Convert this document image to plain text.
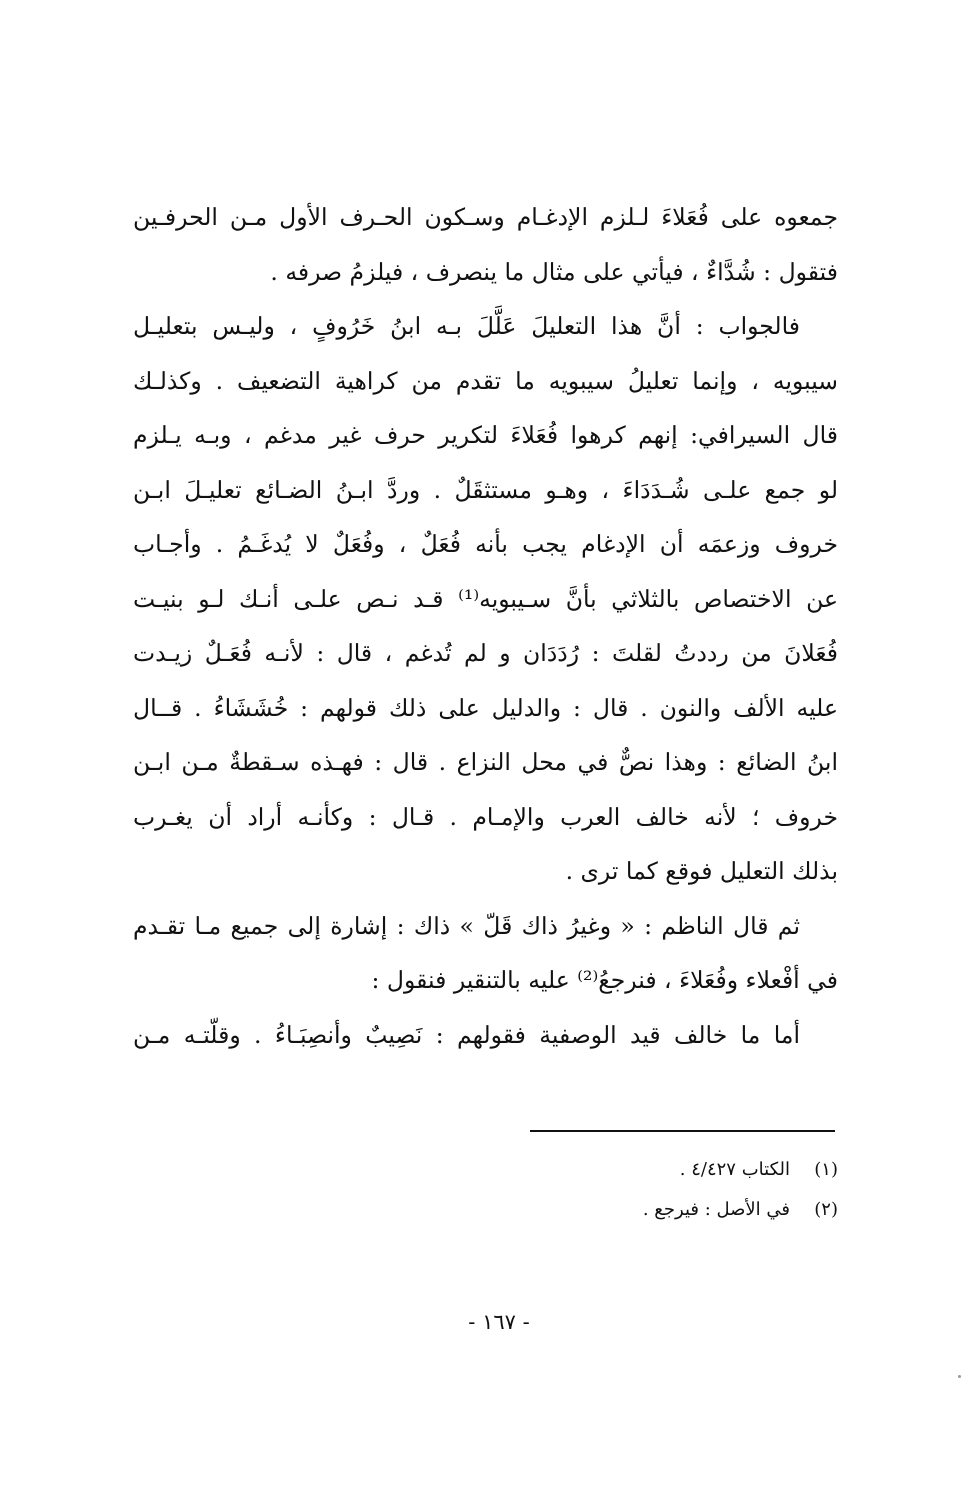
جمعوه على فُعَلاءَ لـلزم الإدغـام وسـكون الحـرف الأول مـن الحرفـين
فتقول : شُدَّاءٌ ، فيأتي على مثال ما ينصرف ، فيلزمُ صرفه .
فالجواب : أنَّ هذا التعليلَ عَلَّلَ بـه ابنُ خَرُوفٍ ، وليـس بتعليـل
سيبويه ، وإنما تعليلُ سيبويه ما تقدم من كراهية التضعيف . وكذلـك
قال السيرافي: إنهم كرهوا فُعَلاءَ لتكرير حرف غير مدغم ، وبـه يـلزم
لو جمع علـى شُـدَدَاءَ ، وهـو مستثقَلٌ . وردَّ ابـنُ الضـائع تعليـلَ ابـن
خروف وزعمَه أن الإدغام يجب بأنه فُعَلٌ ، وفُعَلٌ لا يُدغَـمُ . وأجـاب
عن الاختصاص بالثلاثي بأنَّ سـيبويه⁽¹⁾ قـد نـص علـى أنـك لـو بنيـت
فُعَلانَ من رددتُ لقلتَ : رُدَدَان و لم تُدغم ، قال : لأنـه فُعَـلٌ زيـدت
عليه الألف والنون . قال : والدليل على ذلك قولهم : خُشَشَاءُ . قــال
ابنُ الضائع : وهذا نصٌّ في محل النزاع . قال : فهـذه سـقطةٌ مـن ابـن
خروف ؛ لأنه خالف العرب والإمـام . قـال : وكأنـه أراد أن يغـرب
بذلك التعليل فوقع كما ترى .
ثم قال الناظم : « وغيرُ ذاك قَلّ » ذاك : إشارة إلى جميع مـا تقـدم
في أفْعلاء وفُعَلاءَ ، فنرجعُ⁽²⁾ عليه بالتنقير فنقول :
أما ما خالف قيد الوصفية فقولهم : نَصِيبٌ وأنصِبَـاءُ . وقلّتـه مـن
(١)
الكتاب ٤/٤٢٧ .
(٢)
في الأصل : فيرجع .
- ١٦٧ -
